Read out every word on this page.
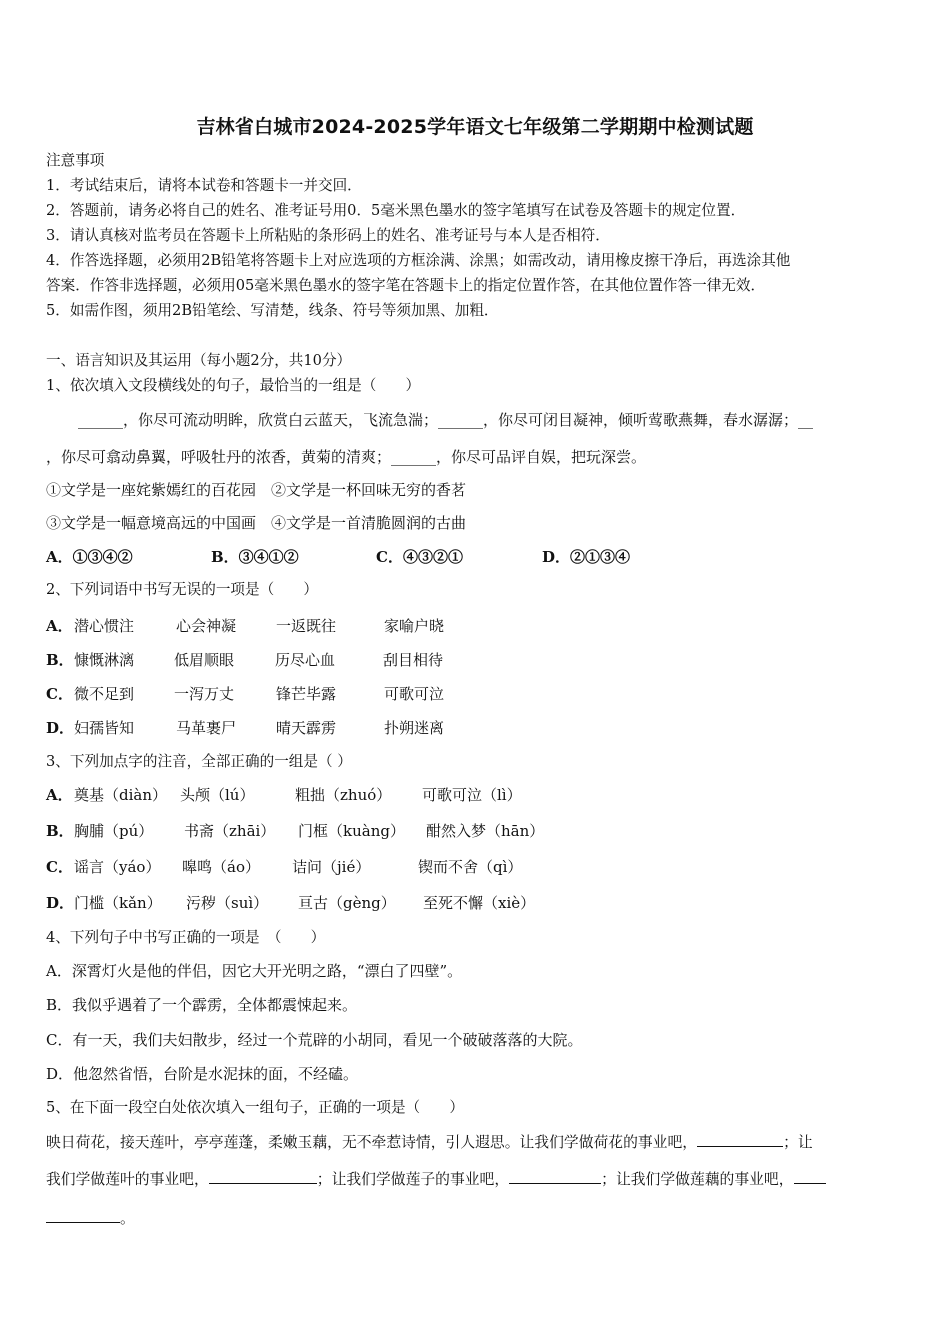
吉林省白城市2024-2025学年语文七年级第二学期期中检测试题
注意事项
1．考试结束后，请将本试卷和答题卡一并交回．
2．答题前，请务必将自己的姓名、准考证号用0．5毫米黑色墨水的签字笔填写在试卷及答题卡的规定位置．
3．请认真核对监考员在答题卡上所粘贴的条形码上的姓名、准考证号与本人是否相符．
4．作答选择题，必须用2B铅笔将答题卡上对应选项的方框涂满、涂黑；如需改动，请用橡皮擦干净后，再选涂其他
答案．作答非选择题，必须用05毫米黑色墨水的签字笔在答题卡上的指定位置作答，在其他位置作答一律无效．
5．如需作图，须用2B铅笔绘、写清楚，线条、符号等须加黑、加粗．
一、语言知识及其运用（每小题2分，共10分）
1、依次填入文段横线处的句子，最恰当的一组是（　　）
______，你尽可流动明眸，欣赏白云蓝天，飞流急湍；______，你尽可闭目凝神，倾听莺歌燕舞，春水潺潺；__
，你尽可翕动鼻翼，呼吸牡丹的浓香，黄菊的清爽；______，你尽可品评自娱，把玩深尝。
①文学是一座姹紫嫣红的百花园　②文学是一杯回味无穷的香茗
③文学是一幅意境高远的中国画　④文学是一首清脆圆润的古曲
A．①③④②	B．③④①②	C．④③②①	D．②①③④
2、下列词语中书写无误的一项是（　　）
A． 潜心惯注	心会神凝	一返既往	家喻户晓
B． 慷慨淋漓	低眉顺眼	历尽心血	刮目相待
C． 微不足到	一泻万丈	锋芒毕露	可歌可泣
D． 妇孺皆知	马革裹尸	晴天霹雳	扑朔迷离
3、下列加点字的注音，全部正确的一组是（ ）
A． 奠基（diàn） 头颅（lú）	粗拙（zhuó） 可歌可泣（lì）
B． 胸脯（pú） 书斋（zhāi） 门框（kuàng） 酣然入梦（hān）
C． 谣言（yáo） 嗥鸣（áo） 诘问（jié）	锲而不舍（qì）
D． 门槛（kǎn） 污秽（suì） 亘古（gèng） 至死不懈（xiè）
4、下列句子中书写正确的一项是　（　　）
A．深霄灯火是他的伴侣，因它大开光明之路，“漂白了四壁”。
B．我似乎遇着了一个霹雳，全体都震悚起来。
C．有一天，我们夫妇散步，经过一个荒辟的小胡同，看见一个破破落落的大院。
D．他忽然省悟，台阶是水泥抹的面，不经磕。
5、在下面一段空白处依次填入一组句子，正确的一项是（　　）
映日荷花，接天莲叶，亭亭莲蓬，柔嫩玉藕，无不牵惹诗情，引人遐思。让我们学做荷花的事业吧，	；让
我们学做莲叶的事业吧，	；让我们学做莲子的事业吧，	；让我们学做莲藕的事业吧，
。
